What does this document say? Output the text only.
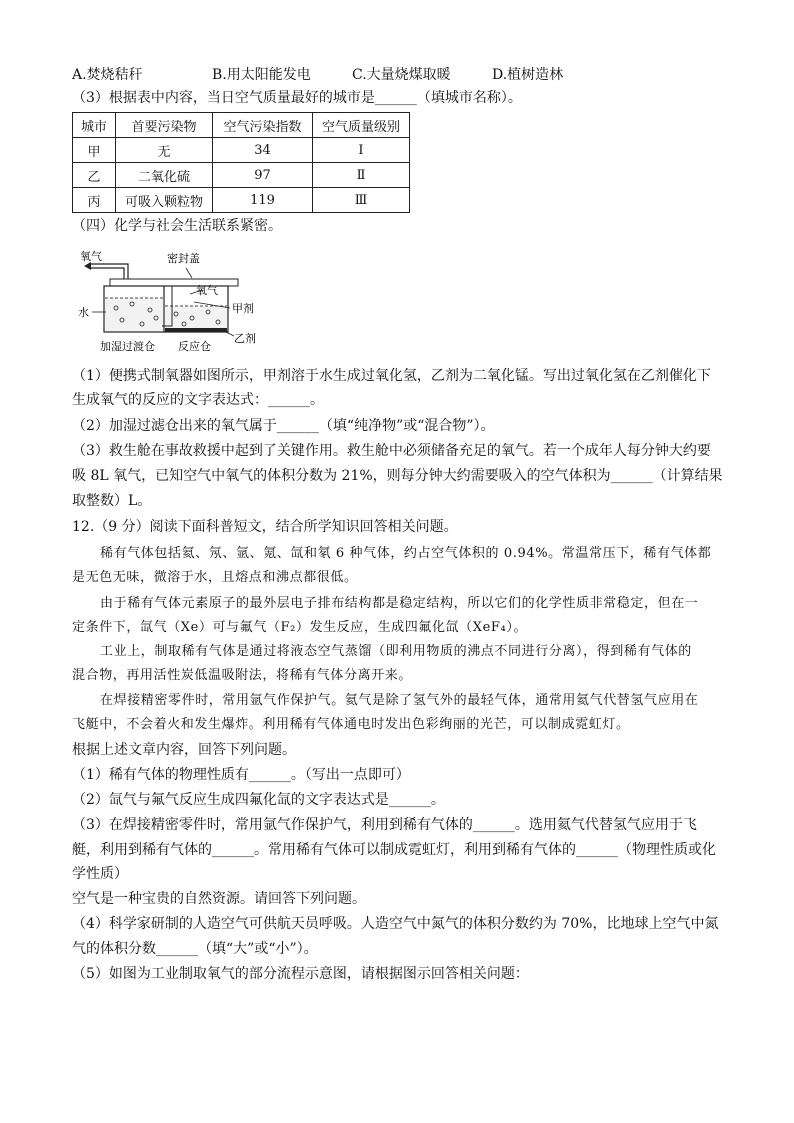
A.焚烧秸秆	B.用太阳能发电	C.大量烧煤取暖	D.植树造林
（3）根据表中内容，当日空气质量最好的城市是______（填城市名称）。
城市	首要污染物	空气污染指数	空气质量级别
甲	无	34	Ⅰ
乙	二氧化硫	97	Ⅱ
丙	可吸入颗粒物	119	Ⅲ
（四）化学与社会生活联系紧密。
氧气	密封盖
氧气
水	甲剂
乙剂
加湿过渡仓 反应仓
（1）便携式制氧器如图所示，甲剂溶于水生成过氧化氢，乙剂为二氧化锰。写出过氧化氢在乙剂催化下
生成氧气的反应的文字表达式：______。
（2）加湿过滤仓出来的氧气属于______（填“纯净物”或“混合物”）。
（3）救生舱在事故救援中起到了关键作用。救生舱中必须储备充足的氧气。若一个成年人每分钟大约要
吸 8L 氧气，已知空气中氧气的体积分数为 21%，则每分钟大约需要吸入的空气体积为______（计算结果
取整数）L。
12.（9 分）阅读下面科普短文，结合所学知识回答相关问题。
稀有气体包括氦、氖、氩、氪、氙和氡 6 种气体，约占空气体积的 0.94%。常温常压下，稀有气体都
是无色无味，微溶于水，且熔点和沸点都很低。
由于稀有气体元素原子的最外层电子排布结构都是稳定结构，所以它们的化学性质非常稳定，但在一
定条件下，氙气（Xe）可与氟气（F₂）发生反应，生成四氟化氙（XeF₄）。
工业上，制取稀有气体是通过将液态空气蒸馏（即利用物质的沸点不同进行分离），得到稀有气体的
混合物，再用活性炭低温吸附法，将稀有气体分离开来。
在焊接精密零件时，常用氩气作保护气。氦气是除了氢气外的最轻气体，通常用氦气代替氢气应用在
飞艇中，不会着火和发生爆炸。利用稀有气体通电时发出色彩绚丽的光芒，可以制成霓虹灯。
根据上述文章内容，回答下列问题。
（1）稀有气体的物理性质有______。（写出一点即可）
（2）氙气与氟气反应生成四氟化氙的文字表达式是______。
（3）在焊接精密零件时，常用氩气作保护气，利用到稀有气体的______。选用氦气代替氢气应用于飞
艇，利用到稀有气体的______。常用稀有气体可以制成霓虹灯，利用到稀有气体的______（物理性质或化
学性质）
空气是一种宝贵的自然资源。请回答下列问题。
（4）科学家研制的人造空气可供航天员呼吸。人造空气中氮气的体积分数约为 70%，比地球上空气中氮
气的体积分数______（填“大”或“小”）。
（5）如图为工业制取氧气的部分流程示意图，请根据图示回答相关问题：
